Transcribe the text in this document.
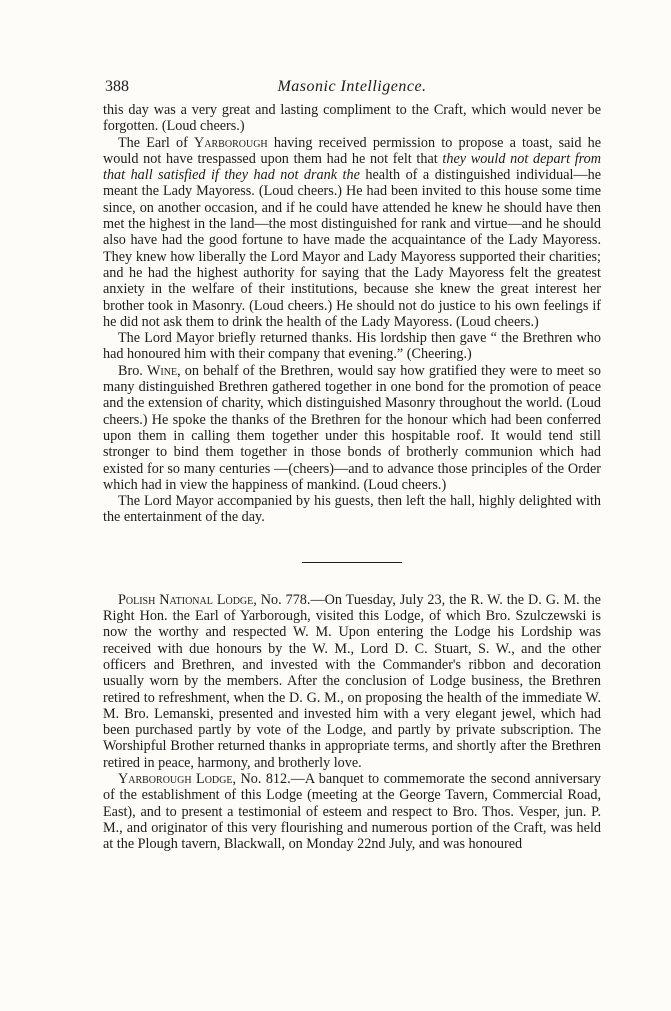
388	Masonic Intelligence.

this day was a very great and lasting compliment to the Craft, which would never be forgotten. (Loud cheers.)

The Earl of Yarborough having received permission to propose a toast, said he would not have trespassed upon them had he not felt that they would not depart from that hall satisfied if they had not drank the health of a distinguished individual—he meant the Lady Mayoress. (Loud cheers.) He had been invited to this house some time since, on another occasion, and if he could have attended he knew he should have then met the highest in the land—the most distinguished for rank and virtue—and he should also have had the good fortune to have made the acquaintance of the Lady Mayoress. They knew how liberally the Lord Mayor and Lady Mayoress supported their charities; and he had the highest authority for saying that the Lady Mayoress felt the greatest anxiety in the welfare of their institutions, because she knew the great interest her brother took in Masonry. (Loud cheers.) He should not do justice to his own feelings if he did not ask them to drink the health of the Lady Mayoress. (Loud cheers.)

The Lord Mayor briefly returned thanks. His lordship then gave “ the Brethren who had honoured him with their company that evening.” (Cheering.)

Bro. Wine, on behalf of the Brethren, would say how gratified they were to meet so many distinguished Brethren gathered together in one bond for the promotion of peace and the extension of charity, which distinguished Masonry throughout the world. (Loud cheers.) He spoke the thanks of the Brethren for the honour which had been conferred upon them in calling them together under this hospitable roof. It would tend still stronger to bind them together in those bonds of brotherly communion which had existed for so many centuries —(cheers)—and to advance those principles of the Order which had in view the happiness of mankind. (Loud cheers.)

The Lord Mayor accompanied by his guests, then left the hall, highly delighted with the entertainment of the day.

Polish National Lodge, No. 778.—On Tuesday, July 23, the R. W. the D. G. M. the Right Hon. the Earl of Yarborough, visited this Lodge, of which Bro. Szulczewski is now the worthy and respected W. M. Upon entering the Lodge his Lordship was received with due honours by the W. M., Lord D. C. Stuart, S. W., and the other officers and Brethren, and invested with the Commander's ribbon and decoration usually worn by the members. After the conclusion of Lodge business, the Brethren retired to refreshment, when the D. G. M., on proposing the health of the immediate W. M. Bro. Lemanski, presented and invested him with a very elegant jewel, which had been purchased partly by vote of the Lodge, and partly by private subscription. The Worshipful Brother returned thanks in appropriate terms, and shortly after the Brethren retired in peace, harmony, and brotherly love.

Yarborough Lodge, No. 812.—A banquet to commemorate the second anniversary of the establishment of this Lodge (meeting at the George Tavern, Commercial Road, East), and to present a testimonial of esteem and respect to Bro. Thos. Vesper, jun. P. M., and originator of this very flourishing and numerous portion of the Craft, was held at the Plough tavern, Blackwall, on Monday 22nd July, and was honoured
